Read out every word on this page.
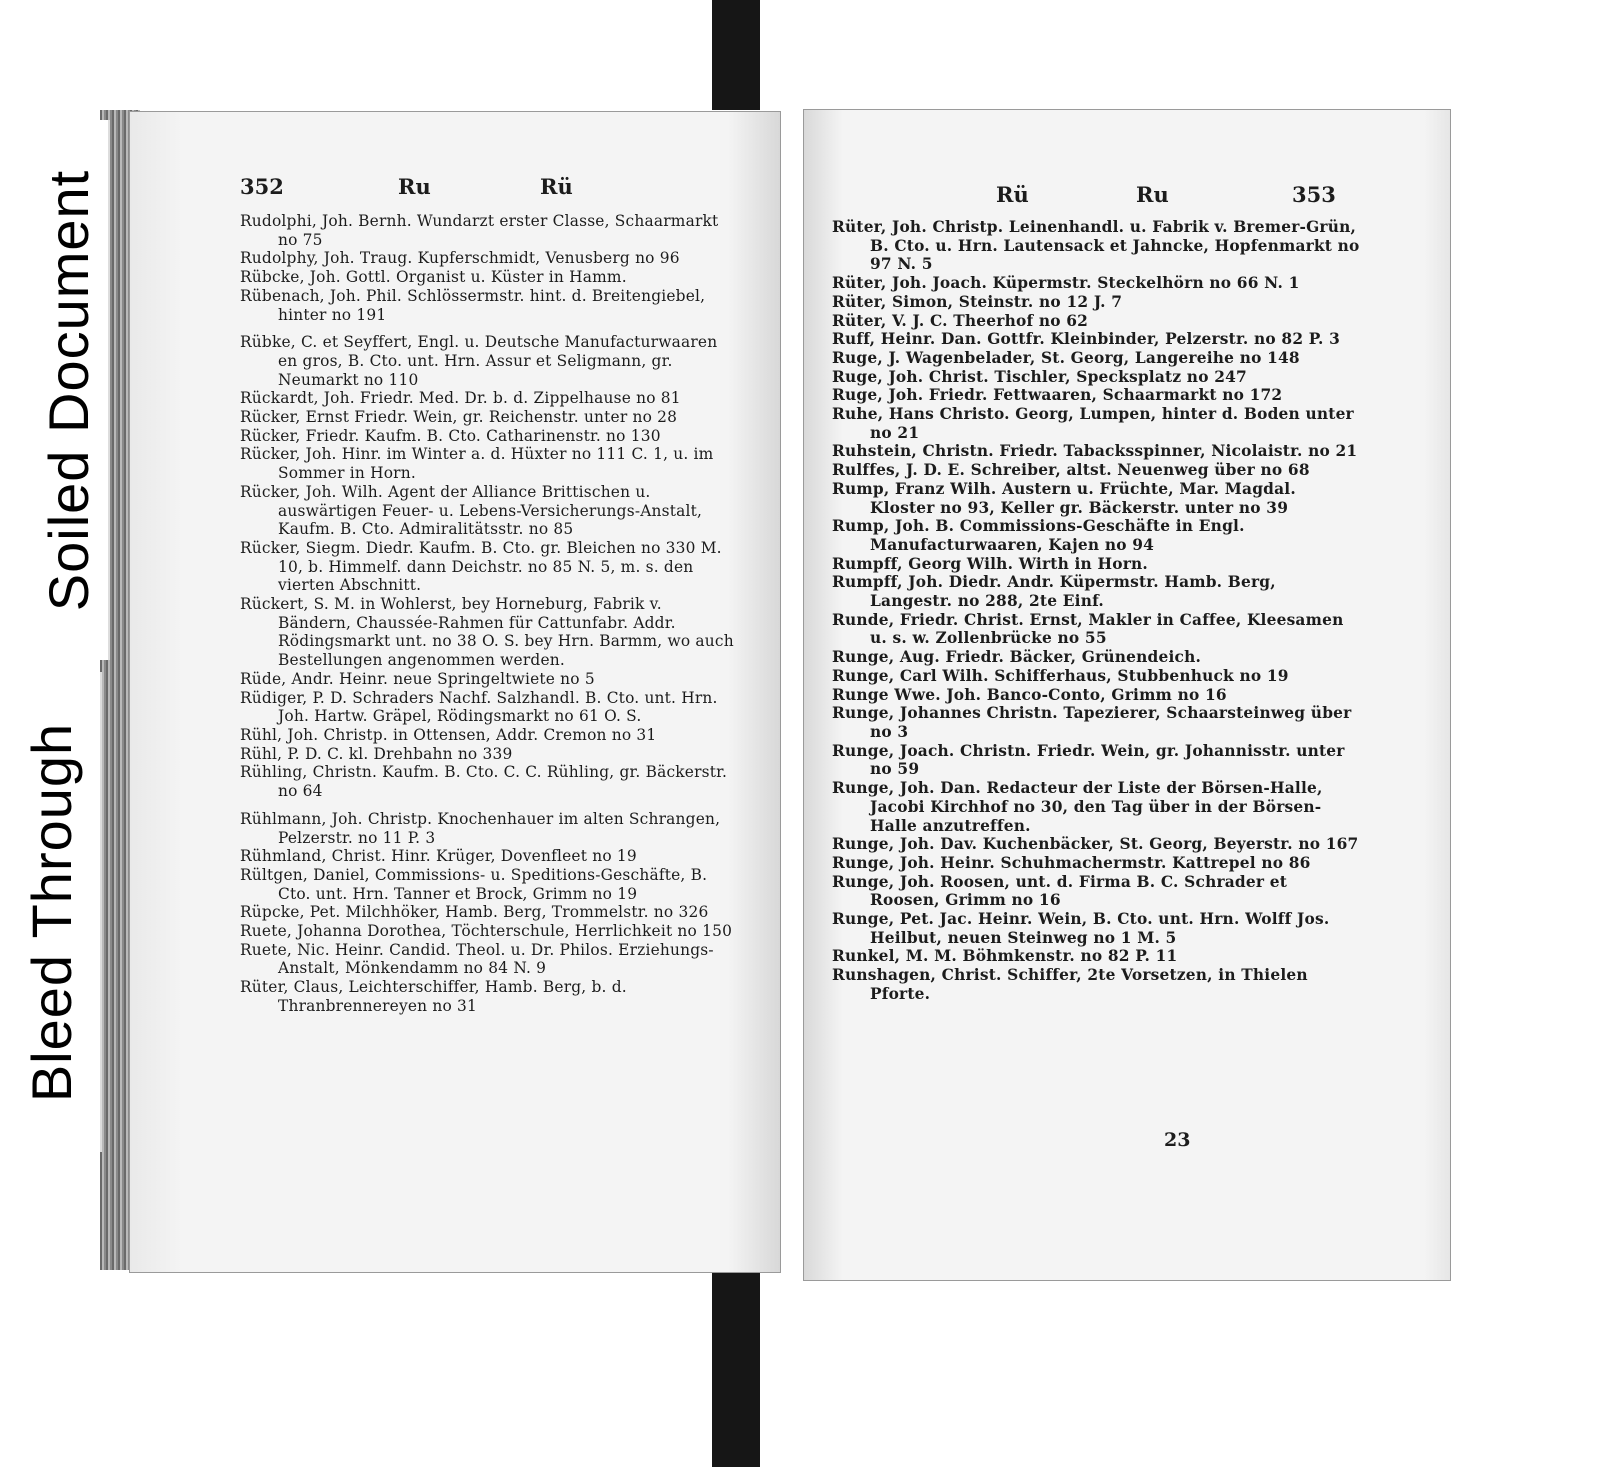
Soiled Document
Bleed Through
352	Ru	Rü

Rudolphi, Joh. Bernh. Wundarzt erster Classe, Schaarmarkt no 75

Rudolphy, Joh. Traug. Kupferschmidt, Venusberg no 96

Rübcke, Joh. Gottl. Organist u. Küster in Hamm.

Rübenach, Joh. Phil. Schlössermstr. hint. d. Breitengiebel, hinter no 191

Rübke, C. et Seyffert, Engl. u. Deutsche Manufacturwaaren en gros, B. Cto. unt. Hrn. Assur et Seligmann, gr. Neumarkt no 110

Rückardt, Joh. Friedr. Med. Dr. b. d. Zippelhause no 81

Rücker, Ernst Friedr. Wein, gr. Reichenstr. unter no 28

Rücker, Friedr. Kaufm. B. Cto. Catharinenstr. no 130

Rücker, Joh. Hinr. im Winter a. d. Hüxter no 111 C. 1, u. im Sommer in Horn.

Rücker, Joh. Wilh. Agent der Alliance Brittischen u. auswärtigen Feuer- u. Lebens-Versicherungs-Anstalt, Kaufm. B. Cto. Admiralitätsstr. no 85

Rücker, Siegm. Diedr. Kaufm. B. Cto. gr. Bleichen no 330 M. 10, b. Himmelf. dann Deichstr. no 85 N. 5, m. s. den vierten Abschnitt.

Rückert, S. M. in Wohlerst, bey Horneburg, Fabrik v. Bändern, Chaussée-Rahmen für Cattunfabr. Addr. Rödingsmarkt unt. no 38 O. S. bey Hrn. Barmm, wo auch Bestellungen angenommen werden.

Rüde, Andr. Heinr. neue Springeltwiete no 5

Rüdiger, P. D. Schraders Nachf. Salzhandl. B. Cto. unt. Hrn. Joh. Hartw. Gräpel, Rödingsmarkt no 61 O. S.

Rühl, Joh. Christp. in Ottensen, Addr. Cremon no 31

Rühl, P. D. C. kl. Drehbahn no 339

Rühling, Christn. Kaufm. B. Cto. C. C. Rühling, gr. Bäckerstr. no 64

Rühlmann, Joh. Christp. Knochenhauer im alten Schrangen, Pelzerstr. no 11 P. 3

Rühmland, Christ. Hinr. Krüger, Dovenfleet no 19

Rültgen, Daniel, Commissions- u. Speditions-Geschäfte, B. Cto. unt. Hrn. Tanner et Brock, Grimm no 19

Rüpcke, Pet. Milchhöker, Hamb. Berg, Trommelstr. no 326

Ruete, Johanna Dorothea, Töchterschule, Herrlichkeit no 150

Ruete, Nic. Heinr. Candid. Theol. u. Dr. Philos. Erziehungs-Anstalt, Mönkendamm no 84 N. 9

Rüter, Claus, Leichterschiffer, Hamb. Berg, b. d. Thranbrennereyen no 31

Rü	Ru	353

Rüter, Joh. Christp. Leinenhandl. u. Fabrik v. Bremer-Grün, B. Cto. u. Hrn. Lautensack et Jahncke, Hopfenmarkt no 97 N. 5

Rüter, Joh. Joach. Küpermstr. Steckelhörn no 66 N. 1

Rüter, Simon, Steinstr. no 12 J. 7

Rüter, V. J. C. Theerhof no 62

Ruff, Heinr. Dan. Gottfr. Kleinbinder, Pelzerstr. no 82 P. 3

Ruge, J. Wagenbelader, St. Georg, Langereihe no 148

Ruge, Joh. Christ. Tischler, Specksplatz no 247

Ruge, Joh. Friedr. Fettwaaren, Schaarmarkt no 172

Ruhe, Hans Christo. Georg, Lumpen, hinter d. Boden unter no 21

Ruhstein, Christn. Friedr. Tabacksspinner, Nicolaistr. no 21

Rulffes, J. D. E. Schreiber, altst. Neuenweg über no 68

Rump, Franz Wilh. Austern u. Früchte, Mar. Magdal. Kloster no 93, Keller gr. Bäckerstr. unter no 39

Rump, Joh. B. Commissions-Geschäfte in Engl. Manufacturwaaren, Kajen no 94

Rumpff, Georg Wilh. Wirth in Horn.

Rumpff, Joh. Diedr. Andr. Küpermstr. Hamb. Berg, Langestr. no 288, 2te Einf.

Runde, Friedr. Christ. Ernst, Makler in Caffee, Kleesamen u. s. w. Zollenbrücke no 55

Runge, Aug. Friedr. Bäcker, Grünendeich.

Runge, Carl Wilh. Schifferhaus, Stubbenhuck no 19

Runge Wwe. Joh. Banco-Conto, Grimm no 16

Runge, Johannes Christn. Tapezierer, Schaarsteinweg über no 3

Runge, Joach. Christn. Friedr. Wein, gr. Johannisstr. unter no 59

Runge, Joh. Dan. Redacteur der Liste der Börsen-Halle, Jacobi Kirchhof no 30, den Tag über in der Börsen-Halle anzutreffen.

Runge, Joh. Dav. Kuchenbäcker, St. Georg, Beyerstr. no 167

Runge, Joh. Heinr. Schuhmachermstr. Kattrepel no 86

Runge, Joh. Roosen, unt. d. Firma B. C. Schrader et Roosen, Grimm no 16

Runge, Pet. Jac. Heinr. Wein, B. Cto. unt. Hrn. Wolff Jos. Heilbut, neuen Steinweg no 1 M. 5

Runkel, M. M. Böhmkenstr. no 82 P. 11

Runshagen, Christ. Schiffer, 2te Vorsetzen, in Thielen Pforte.

23
